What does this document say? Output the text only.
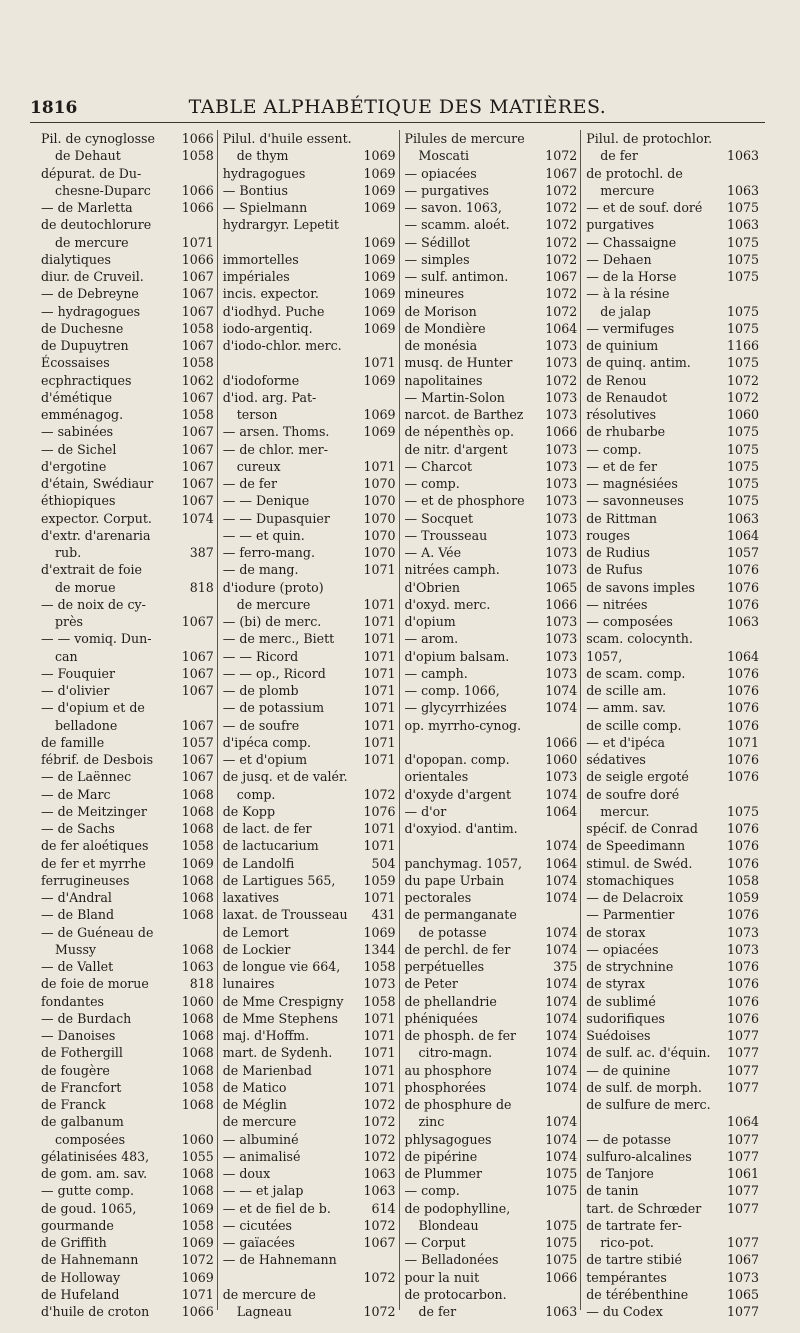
1816	TABLE ALPHABÉTIQUE DES MATIÈRES.
Pil. de cynoglosse	1066
de Dehaut	1058
dépurat. de Du-
chesne-Duparc	1066
— de Marletta	1066
de deutochlorure
de mercure	1071
dialytiques	1066
diur. de Cruveil.	1067
— de Debreyne	1067
— hydragogues	1067
de Duchesne	1058
de Dupuytren	1067
Écossaises	1058
ecphractiques	1062
d'émétique	1067
emménagog.	1058
— sabinées	1067
— de Sichel	1067
d'ergotine	1067
d'étain, Swédiaur	1067
éthiopiques	1067
expector. Corput.	1074
d'extr. d'arenaria
rub.	387
d'extrait de foie
de morue	818
— de noix de cy-
près	1067
— — vomiq. Dun-
can	1067
— Fouquier	1067
— d'olivier	1067
— d'opium et de
belladone	1067
de famille	1057
fébrif. de Desbois	1067
— de Laënnec	1067
— de Marc	1068
— de Meitzinger	1068
— de Sachs	1068
de fer aloétiques	1058
de fer et myrrhe	1069
ferrugineuses	1068
— d'Andral	1068
— de Bland	1068
— de Guéneau de
Mussy	1068
— de Vallet	1063
de foie de morue	818
fondantes	1060
— de Burdach	1068
— Danoises	1068
de Fothergill	1068
de fougère	1068
de Francfort	1058
de Franck	1068
de galbanum
composées	1060
gélatinisées 483,	1055
de gom. am. sav.	1068
— gutte comp.	1068
de goud. 1065,	1069
gourmande	1058
de Griffith	1069
de Hahnemann	1072
de Holloway	1069
de Hufeland	1071
d'huile de croton	1066
Pilul. d'huile essent.
de thym	1069
hydragogues	1069
— Bontius	1069
— Spielmann	1069
hydrargyr. Lepetit
1069
immortelles	1069
impériales	1069
incis. expector.	1069
d'iodhyd. Puche	1069
iodo-argentiq.	1069
d'iodo-chlor. merc.
1071
d'iodoforme	1069
d'iod. arg. Pat-
terson	1069
— arsen. Thoms.	1069
— de chlor. mer-
cureux	1071
— de fer	1070
— — Denique	1070
— — Dupasquier	1070
— — et quin.	1070
— ferro-mang.	1070
— de mang.	1071
d'iodure (proto)
de mercure	1071
— (bi) de merc.	1071
— de merc., Biett	1071
— — Ricord	1071
— — op., Ricord	1071
— de plomb	1071
— de potassium	1071
— de soufre	1071
d'ipéca comp.	1071
— et d'opium	1071
de jusq. et de valér.
comp.	1072
de Kopp	1076
de lact. de fer	1071
de lactucarium	1071
de Landolfi	504
de Lartigues 565,	1059
laxatives	1071
laxat. de Trousseau	431
de Lemort	1069
de Lockier	1344
de longue vie 664,	1058
lunaires	1073
de Mme Crespigny	1058
de Mme Stephens	1071
maj. d'Hoffm.	1071
mart. de Sydenh.	1071
de Marienbad	1071
de Matico	1071
de Méglin	1072
de mercure	1072
— albuminé	1072
— animalisé	1072
— doux	1063
— — et jalap	1063
— et de fiel de b.	614
— cicutées	1072
— gaïacées	1067
— de Hahnemann
1072
de mercure de
Lagneau	1072
Pilules de mercure
Moscati	1072
— opiacées	1067
— purgatives	1072
— savon. 1063,	1072
— scamm. aloét.	1072
— Sédillot	1072
— simples	1072
— sulf. antimon.	1067
mineures	1072
de Morison	1072
de Mondière	1064
de monésia	1073
musq. de Hunter	1073
napolitaines	1072
— Martin-Solon	1073
narcot. de Barthez	1073
de népenthès op.	1066
de nitr. d'argent	1073
— Charcot	1073
— comp.	1073
— et de phosphore	1073
— Socquet	1073
— Trousseau	1073
— A. Vée	1073
nitrées camph.	1073
d'Obrien	1065
d'oxyd. merc.	1066
d'opium	1073
— arom.	1073
d'opium balsam.	1073
— camph.	1073
— comp. 1066,	1074
— glycyrrhizées	1074
op. myrrho-cynog.
1066
d'opopan. comp.	1060
orientales	1073
d'oxyde d'argent	1074
— d'or	1064
d'oxyiod. d'antim.
1074
panchymag. 1057,	1064
du pape Urbain	1074
pectorales	1074
de permanganate
de potasse	1074
de perchl. de fer	1074
perpétuelles	375
de Peter	1074
de phellandrie	1074
phéniquées	1074
de phosph. de fer	1074
citro-magn.	1074
au phosphore	1074
phosphorées	1074
de phosphure de
zinc	1074
phlysagogues	1074
de pipérine	1074
de Plummer	1075
— comp.	1075
de podophylline,
Blondeau	1075
— Corput	1075
— Belladonées	1075
pour la nuit	1066
de protocarbon.
de fer	1063
Pilul. de protochlor.
de fer	1063
de protochl. de
mercure	1063
— et de souf. doré	1075
purgatives	1063
— Chassaigne	1075
— Dehaen	1075
— de la Horse	1075
— à la résine
de jalap	1075
— vermifuges	1075
de quinium	1166
de quinq. antim.	1075
de Renou	1072
de Renaudot	1072
résolutives	1060
de rhubarbe	1075
— comp.	1075
— et de fer	1075
— magnésiées	1075
— savonneuses	1075
de Rittman	1063
rouges	1064
de Rudius	1057
de Rufus	1076
de savons imples	1076
— nitrées	1076
— composées	1063
scam. colocynth.
1057,	1064
de scam. comp.	1076
de scille am.	1076
— amm. sav.	1076
de scille comp.	1076
— et d'ipéca	1071
sédatives	1076
de seigle ergoté	1076
de soufre doré
mercur.	1075
spécif. de Conrad	1076
de Speedimann	1076
stimul. de Swéd.	1076
stomachiques	1058
— de Delacroix	1059
— Parmentier	1076
de storax	1073
— opiacées	1073
de strychnine	1076
de styrax	1076
de sublimé	1076
sudorifiques	1076
Suédoises	1077
de sulf. ac. d'équin.	1077
— de quinine	1077
de sulf. de morph.	1077
de sulfure de merc.
1064
— de potasse	1077
sulfuro-alcalines	1077
de Tanjore	1061
de tanin	1077
tart. de Schrœder	1077
de tartrate fer-
rico-pot.	1077
de tartre stibié	1067
tempérantes	1073
de térébenthine	1065
— du Codex	1077
